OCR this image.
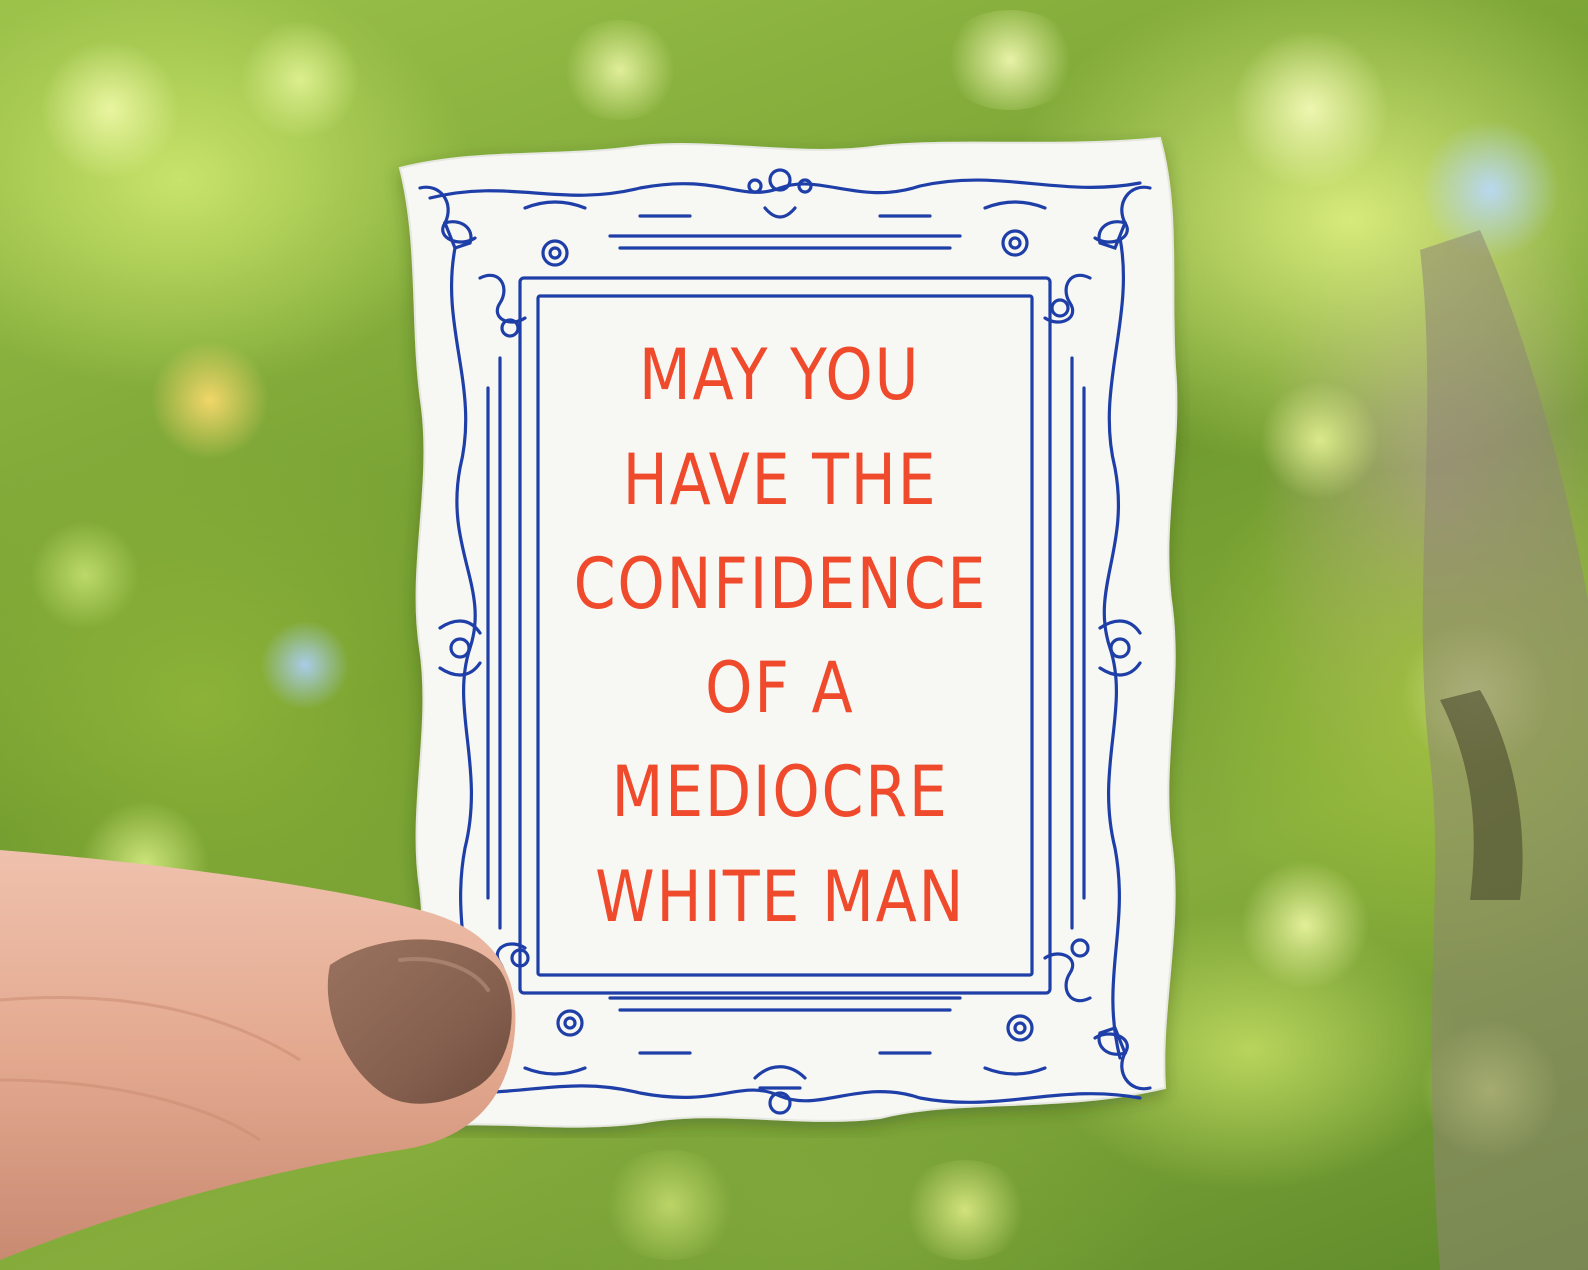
MAY YOU
HAVE THE
CONFIDENCE
OF A
MEDIOCRE
WHITE MAN
